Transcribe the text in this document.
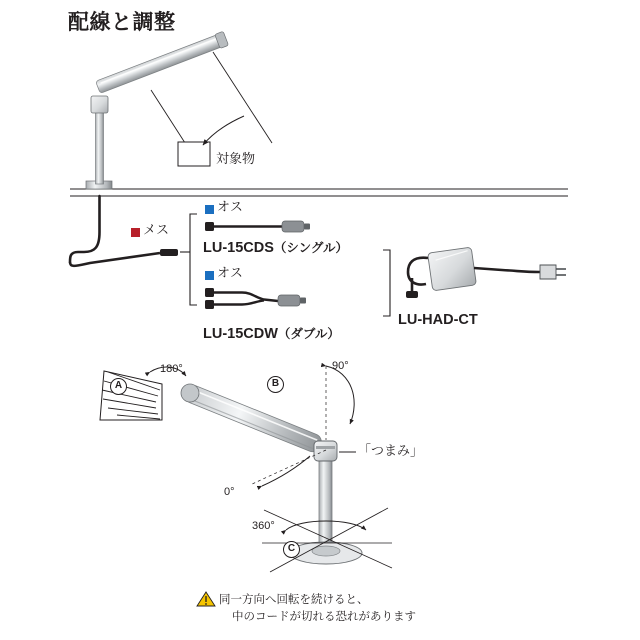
配線と調整
対象物
メス
オス
LU-15CDS（シングル）
オス
LU-15CDW（ダブル）
LU-HAD-CT
180°	90°
0°
360°
A	B
C
「つまみ」
同一方向へ回転を続けると、
中のコードが切れる恐れがあります
